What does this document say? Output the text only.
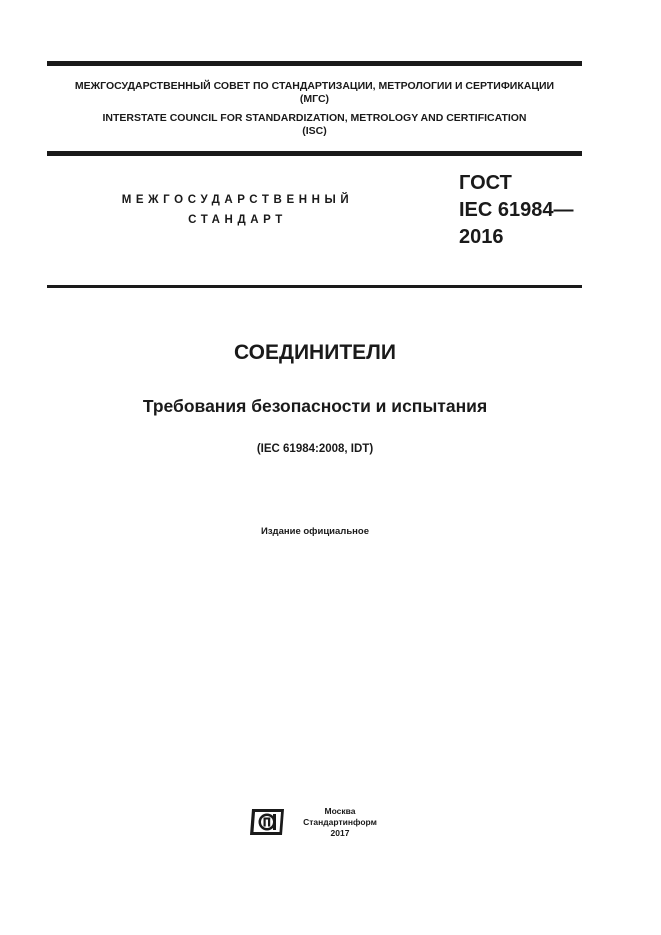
МЕЖГОСУДАРСТВЕННЫЙ СОВЕТ ПО СТАНДАРТИЗАЦИИ, МЕТРОЛОГИИ И СЕРТИФИКАЦИИ
(МГС)
INTERSTATE COUNCIL FOR STANDARDIZATION, METROLOGY AND CERTIFICATION
(ISC)
МЕЖГОСУДАРСТВЕННЫЙ
СТАНДАРТ
ГОСТ
IEC 61984—
2016
СОЕДИНИТЕЛИ
Требования безопасности и испытания
(IEC 61984:2008, IDT)
Издание официальное
Москва
Стандартинформ
2017
